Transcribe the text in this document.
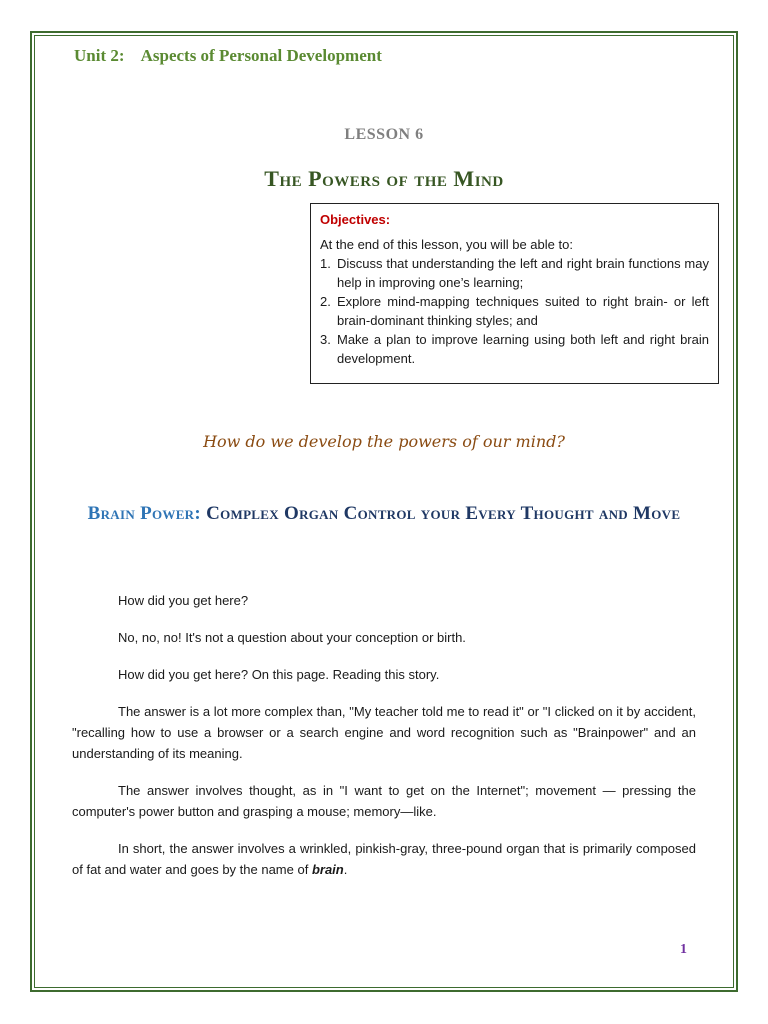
Unit 2: Aspects of Personal Development
LESSON 6
The Powers of the Mind
Objectives:
At the end of this lesson, you will be able to:
1. Discuss that understanding the left and right brain functions may help in improving one’s learning;
2. Explore mind-mapping techniques suited to right brain- or left brain-dominant thinking styles; and
3. Make a plan to improve learning using both left and right brain development.
How do we develop the powers of our mind?
Brain Power: Complex Organ Control your Every Thought and Move

How did you get here?

No, no, no! It's not a question about your conception or birth.

How did you get here? On this page. Reading this story.

The answer is a lot more complex than, "My teacher told me to read it" or "I clicked on it by accident, "recalling how to use a browser or a search engine and word recognition such as "Brainpower" and an understanding of its meaning.

The answer involves thought, as in "I want to get on the Internet"; movement — pressing the computer's power button and grasping a mouse; memory—like.

In short, the answer involves a wrinkled, pinkish-gray, three-pound organ that is primarily composed of fat and water and goes by the name of brain.

1
